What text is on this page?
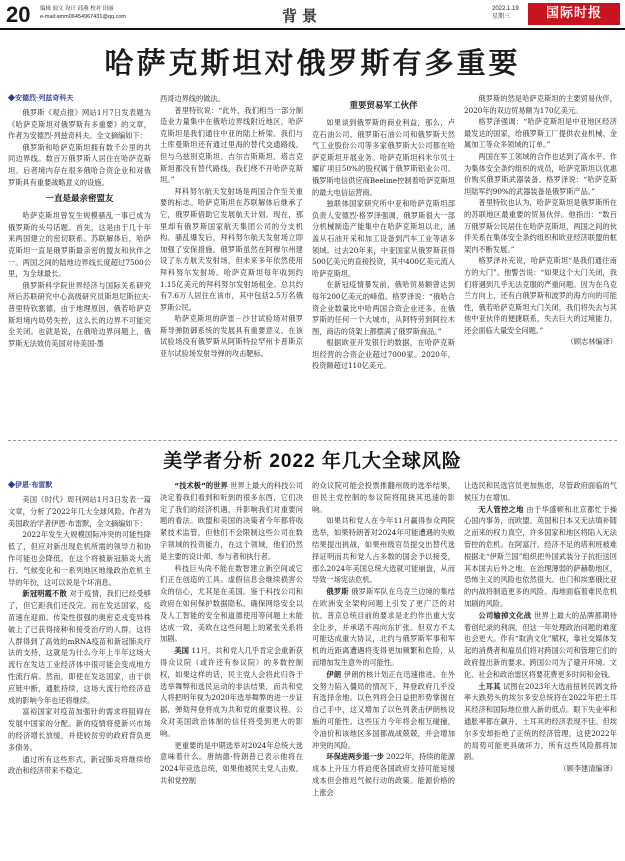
20 编辑 闻文 设计 邱燕 校对 田丽
e-mail:amm06454967431@qq.com	背景	2022.1.19
星期三	国际时报
哈萨克斯坦对俄罗斯有多重要
◆安德烈·列兹奇科夫

俄罗斯《观点报》网站1月7日发表题为《哈萨克斯坦对俄罗斯有多重要》的文章，作者为安德烈·列兹奇科夫。全文摘编如下：

俄罗斯和哈萨克斯坦拥有数千公里的共同边界线。数百万俄罗斯人居住在哈萨克斯坦。后者境内存在很多俄哈合资企业和对俄罗斯具有重要战略意义的设施。

一直是最亲密盟友

哈萨克斯坦曾发生规模骚乱一事已成为俄罗斯的头号话题。首先，这是由于几十年来两国建立的密切联系。苏联解体后，哈萨克斯坦一直是俄罗斯最亲密的盟友和伙伴之一。两国之间的陆地边界线长度超过7500公里，为全球最长。

俄罗斯科学院世界经济与国际关系研究所后苏联研究中心高级研究员斯坦尼斯拉夫·普里特钦塞德，由于地理原因，俄若哈萨克斯坦境内局势失控，这么长的边界不可能完全关闭。也就是说，在俄哈边界问题上，俄罗斯无法效仿美国对待美国-墨

西哥边界线的做法。

普里特钦说：“此外，我们相当一部分制造业力量集中在俄哈边界线附近地区，哈萨克斯坦是我们通往中亚的陆上桥梁。我们与土库曼斯坦还有通过里海的替代交通路线，但与乌兹别克斯坦、吉尔吉斯斯坦、塔吉克斯坦都没有替代路线，我们绕不开哈萨克斯坦。”

拜科努尔航天发射场是两国合作至关重要的标志。哈萨克斯坦在苏联解体后继承了它，俄罗斯借助它发展航天计划。现在，那里却有俄罗斯国家航天集团公司的分支机构。骚乱爆发后，拜科努尔航天发射场立即加强了安保措施。俄罗斯虽然在阿穆尔州建设了东方航天发射场，但未来多年依然使用拜科努尔发射场。哈萨克斯坦每年收到约1.15亿美元的拜科努尔发射场租金。总共约有7.6万人居住在该市，其中包括2.5万名俄罗斯公民。

哈萨克斯坦的萨雷－沙甘试验场对俄罗斯导弹防御系统的发展具有重要意义。在该试验场没有俄罗斯从阿斯特拉罕州卡普斯京亚尔试验场发射导弹的攻击靶标。

重要贸易军工伙伴

如果谈到俄罗斯的商业利益，那么，卢克石油公司、俄罗斯石油公司和俄罗斯天然气工业股份公司等多家俄罗斯大公司都在哈萨克斯坦开展业务。哈萨克斯坦科米尔贝士耀矿项目50%的股权属于俄罗斯铝业公司。俄罗斯电信供应商Beeline控制着哈萨克斯坦的最大电信运营商。

独联体国家研究所中亚和哈萨克斯坦部负责人安德烈·格罗泽强调，俄罗斯很大一部分机械制造产能集中在哈萨克斯坦以北，涵盖从石油开采和加工设备到汽车工业等诸多领域。过去20年来，中亚国家从俄罗斯获得500亿美元的直接投资，其中400亿美元流入哈萨克斯坦。

在新冠疫情暴发前，俄哈贸易额曾达到每年200亿美元的峰值。格罗泽说：“俄哈合资企业数量比中哈两国合资企业还多。在俄罗斯的任何一个大城市，从阿特劳到阿拉木图，商店的货架上都摆满了俄罗斯商品。”

根据欧亚开发银行的数据，在哈萨克斯坦经营的合资企业超过7000家。2020年，投资额超过110亿美元。

俄罗斯的然是哈萨克斯坦的主要贸易伙伴，2020年的双边贸易额为170亿美元。

格罗泽强调：“哈萨克斯坦是中亚地区经济最发达的国家，给俄罗斯工厂提供农业机械、金属加工等众多领域的订单。”

两国在军工领域的合作也达到了高水平。作为集体安全条约组织的成员，哈萨克斯坦以优惠价购买俄罗斯武器装备。格罗泽说：“哈萨克斯坦陆军约90%的武器装备是俄罗斯产品。”

普里特钦也认为，哈萨克斯坦是俄罗斯所在的苏联地区最重要的贸易伙伴。他指出：“数百万俄罗斯公民居住在哈萨克斯坦，两国之间的伙伴关系在集体安全条约组织和欧亚经济联盟的框架内不断发展。”

格罗泽补充说，哈萨克斯坦“是我们通往南方的大门”。他警告说：“如果这个大门关闭，我们将遇到几乎无法克服的严重问题。因为在乌克兰方向上，还有白俄罗斯和波罗的海方向的可能性，俄若哈萨克斯坦大门关闭，我们将失去与其他中亚伙伴的便捷联系，失去巨大的过境能力，还会面临大量安全问题。”

（顾志林编译）
美学者分析 2022 年几大全球风险
◆伊恩·布雷默

美国《时代》周刊网站1月3日发表一篇文章，分析了2022年几大全球风险。作者为美国政治学者伊恩·布雷默，全文摘编如下：

2022年发生大规模国际冲突的可能性降低了，但应对新出现危机所需的领导力和协作可能也会降低。在这个将被新冠肺炎大流行、气候变化和一系列地区地缘政治危机主导的年份，这可以说是个坏消息。

新冠明霞不散 对于疫情，我们已经受够了，但它距我们还没完。而在发达国家，疫苗速在迎面。传染性很强的奥密克戎变异株破上了已获得接种和接受治疗的人群，这将人群得到了高效的mRNA疫苗和新冠肺炎疗法的支持，这就是为什么今年上半年这场大流行在发达工业经济体中很可能会变成地方性流行病。然而，即使在发达国家，由于供应链中断，通胀持续，这场大流行给经济造成的影响今年也还将继续。

富裕国家对疫苗加强针的需求将阻碍在发展中国家的分配。新的疫情将使新兴市场的经济增长放缓，并使较贫穷的政府背负更多债务。

通过所有这些形式，新冠肺炎将继续给政治和经济带来不稳定。

“技术极”的世界 世界上最大的科技公司决定着我们看到和听到的很多东西，它们决定了我们的经济机遇，并影响我们对重要问题的看法。欧盟和美国的决策者今年都将收紧技术监管，但他们不会限制这些公司在数字领域的投资能力，在这个领域，他们仍然是主要的设计师、参与者和执行者。

科技巨头尚不能在数智建立新空间或它们正在创造的工具。虚假信息会继续损害公众的信心，尤其是在美国。鉴于科技公司和政府在如何保护数据隐私、确保网络安全以及人工智能的安全和道德使用等问题上未能达成一致，美欧在这些问题上的紧张关系将加剧。

美国 11月，共和党人几乎肯定会重新获得众议院（或许还有参议院）的多数控制权，如果这样的话，民主党人会将此归咎于选举舞弊和选民运动的非法结果，而共和党人将把明年视为2020年选举舞弊的进一步证据，弹劾拜登将成为共和党的重要议程。公众对美国政治体制的信任将受到更大的影响。

更重要的是中期选举对2024年总统大选意味着什么。唐纳德·特朗普已表示他将在2024年竞选总统，如果他被民主党人击败，共和党控制

的众议院可能会投票推翻州级的选举结果，但民主党控制的参议院将阻挠其迅速的影响。

如果共和党人在今年11月赢得参众两院选举，如果特朗普对2024年可能遭遇的失败结果提出挑战，如果州级官员提交出替代选择证明而共和党人占多数的国会予以接受，那么2024年美国总统大选就可能崩盘，从而导致一场宪法危机。

俄罗斯 俄罗斯军队在乌克兰边境的集结在欧洲安全架构问题上引发了更广泛的对抗。普京总统目前的要求是北约作出重大安全让步，并承诺不再向东扩张。但双方不太可能达成重大协议，北约与俄罗斯军事和军机的近距离遭遇将变得更加频繁和危险，从而增加发生意外的可能性。

伊朗 伊朗的核计划正在迅速推进。在外交努力陷入僵局的情况下，拜登政府几乎没有选择余地。以色列将会日益把形势掌握在自己手中，这又增加了以色列袭击伊朗核设施的可能性。这些压力今年将会相互碰撞，令油价和该地区多国都战战兢兢，并会增加冲突的风险。

环保进两步退一步 2022年，持续的能源成本上升压力将迫使各国政府支持可能延缓成本但会推迟气候行动的政策。能源价格的上涨会

让选民和民选官员更加焦虑，尽管政府面临的气候压力在增加。

无人管控之地 由于华盛顿和北京都忙于操心国内事务，而欧盟、英国和日本又无法填补随之而来的权力真空，许多国家和地区将陷入无法管控的危机。在阿富汗，经济不足的塔利班被难根据北“伊斯兰国”组织把外国武装分子抗拒送回其本国去后外之地。在治理薄弱的萨赫勒地区，恐怖主义的风险也依然很大。也门和埃塞俄比亚的内战将制造更多的风险。海地面临着难民危机加剧的风险。

公司输掉文化战 世界上最大的品牌都期待着创纪录的利润，但这一年处理政治问题的难度也会更大。作有“取消文化”赋权，靠社交媒体发起的消费者和雇员们将对跨国公司和管理它们的政府提出新的要求。跨国公司为了避开环境、文化、社会和政治雷区将要花费更多时间和金钱。

土耳其 试图在2023年大选前扭转民调支持率大跌势头的埃尔多安总统将在2022年把土耳其经济和国际地位推入新的低点。眼下失业率和通胀率都在飙升，土耳其的经济表现不佳。但埃尔多安却拒绝了正统的经济管理，这使2022年的局势可能更具破坏力，所有这些风险都将加剧。

（顾李建清编译）
